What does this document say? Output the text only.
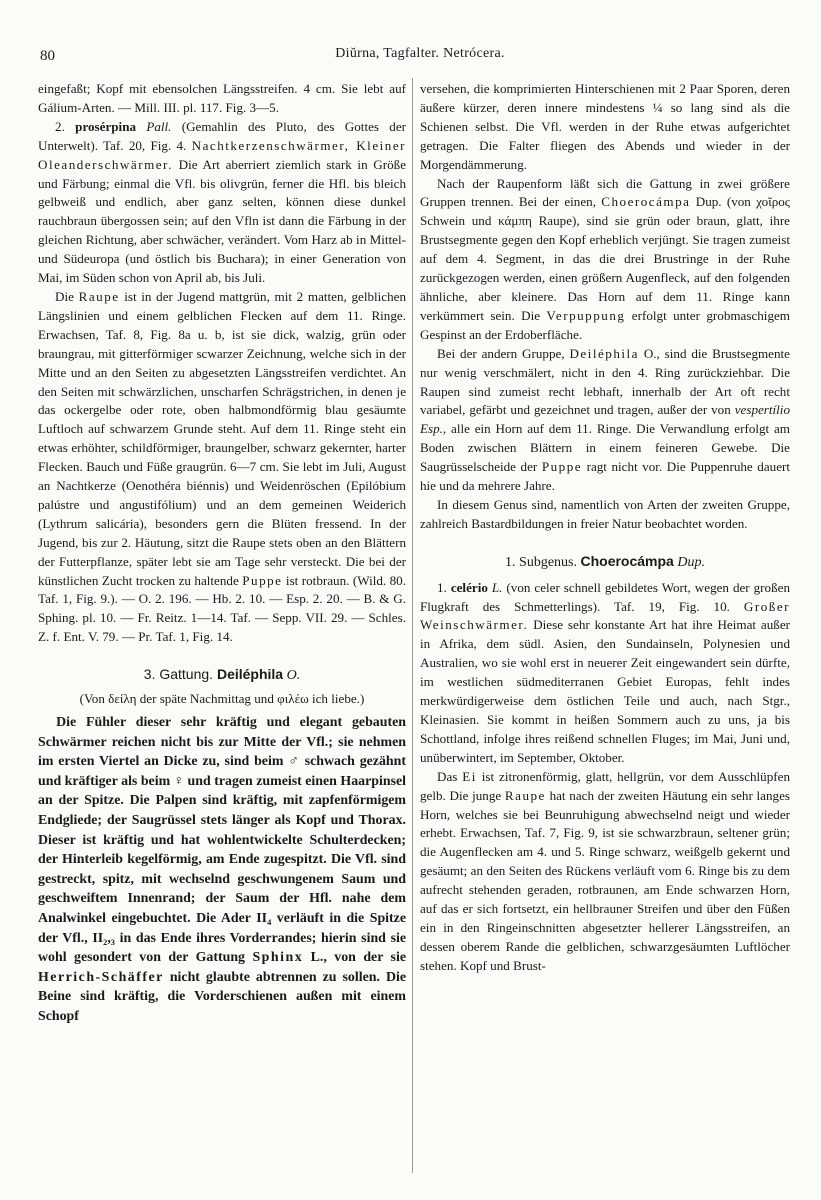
80	Diŭrna, Tagfalter. Netrócera.

eingefaßt; Kopf mit ebensolchen Längsstreifen. 4 cm. Sie lebt auf Gálium-Arten. — Mill. III. pl. 117. Fig. 3—5.

2. prosérpina Pall. (Gemahlin des Pluto, des Gottes der Unterwelt). Taf. 20, Fig. 4. Nachtkerzenschwärmer, Kleiner Oleanderschwärmer. Die Art aberriert ziemlich stark in Größe und Färbung; einmal die Vfl. bis olivgrün, ferner die Hfl. bis bleich gelbweiß und endlich, aber ganz selten, können diese dunkel rauchbraun übergossen sein; auf den Vfln ist dann die Färbung in der gleichen Richtung, aber schwächer, verändert. Vom Harz ab in Mittel- und Südeuropa (und östlich bis Buchara); in einer Generation von Mai, im Süden schon von April ab, bis Juli.

Die Raupe ist in der Jugend mattgrün, mit 2 matten, gelblichen Längslinien und einem gelblichen Flecken auf dem 11. Ringe. Erwachsen, Taf. 8, Fig. 8a u. b, ist sie dick, walzig, grün oder braungrau, mit gitterförmiger scwarzer Zeichnung, welche sich in der Mitte und an den Seiten zu abgesetzten Längsstreifen verdichtet. An den Seiten mit schwärzlichen, unscharfen Schrägstrichen, in denen je das ockergelbe oder rote, oben halbmondförmig blau gesäumte Luftloch auf schwarzem Grunde steht. Auf dem 11. Ringe steht ein etwas erhöhter, schildförmiger, braungelber, schwarz gekernter, harter Flecken. Bauch und Füße graugrün. 6—7 cm. Sie lebt im Juli, August an Nachtkerze (Oenothéra biénnis) und Weidenröschen (Epilóbium palústre und angustifólium) und an dem gemeinen Weiderich (Lythrum salicária), besonders gern die Blüten fressend. In der Jugend, bis zur 2. Häutung, sitzt die Raupe stets oben an den Blättern der Futterpflanze, später lebt sie am Tage sehr versteckt. Die bei der künstlichen Zucht trocken zu haltende Puppe ist rotbraun. (Wild. 80. Taf. 1, Fig. 9.). — O. 2. 196. — Hb. 2. 10. — Esp. 2. 20. — B. & G. Sphing. pl. 10. — Fr. Reitz. 1—14. Taf. — Sepp. VII. 29. — Schles. Z. f. Ent. V. 79. — Pr. Taf. 1, Fig. 14.

3. Gattung. Deiléphila O.

(Von δείλη der späte Nachmittag und φιλέω ich liebe.)

Die Fühler dieser sehr kräftig und elegant gebauten Schwärmer reichen nicht bis zur Mitte der Vfl.; sie nehmen im ersten Viertel an Dicke zu, sind beim ♂ schwach gezähnt und kräftiger als beim ♀ und tragen zumeist einen Haarpinsel an der Spitze. Die Palpen sind kräftig, mit zapfenförmigem Endgliede; der Saugrüssel stets länger als Kopf und Thorax. Dieser ist kräftig und hat wohlentwickelte Schulterdecken; der Hinterleib kegelförmig, am Ende zugespitzt. Die Vfl. sind gestreckt, spitz, mit wechselnd geschwungenem Saum und geschweiftem Innenrand; der Saum der Hfl. nahe dem Analwinkel eingebuchtet. Die Ader II₄ verläuft in die Spitze der Vfl., II₂,₃ in das Ende ihres Vorderrandes; hierin sind sie wohl gesondert von der Gattung Sphinx L., von der sie Herrich-Schäffer nicht glaubte abtrennen zu sollen. Die Beine sind kräftig, die Vorderschienen außen mit einem Schopf

versehen, die komprimierten Hinterschienen mit 2 Paar Sporen, deren äußere kürzer, deren innere mindestens ¼ so lang sind als die Schienen selbst. Die Vfl. werden in der Ruhe etwas aufgerichtet getragen. Die Falter fliegen des Abends und wieder in der Morgendämmerung.

Nach der Raupenform läßt sich die Gattung in zwei größere Gruppen trennen. Bei der einen, Choerocámpa Dup. (von χοῖρος Schwein und κάμπη Raupe), sind sie grün oder braun, glatt, ihre Brustsegmente gegen den Kopf erheblich verjüngt. Sie tragen zumeist auf dem 4. Segment, in das die drei Brustringe in der Ruhe zurückgezogen werden, einen größern Augenfleck, auf den folgenden ähnliche, aber kleinere. Das Horn auf dem 11. Ringe kann verkümmert sein. Die Verpuppung erfolgt unter grobmaschigem Gespinst an der Erdoberfläche.

Bei der andern Gruppe, Deiléphila O., sind die Brustsegmente nur wenig verschmälert, nicht in den 4. Ring zurückziehbar. Die Raupen sind zumeist recht lebhaft, innerhalb der Art oft recht variabel, gefärbt und gezeichnet und tragen, außer der von vespertílio Esp., alle ein Horn auf dem 11. Ringe. Die Verwandlung erfolgt am Boden zwischen Blättern in einem feineren Gewebe. Die Saugrüsselscheide der Puppe ragt nicht vor. Die Puppenruhe dauert hie und da mehrere Jahre.

In diesem Genus sind, namentlich von Arten der zweiten Gruppe, zahlreich Bastardbildungen in freier Natur beobachtet worden.

1. Subgenus. Choerocámpa Dup.

1. celério L. (von celer schnell gebildetes Wort, wegen der großen Flugkraft des Schmetterlings). Taf. 19, Fig. 10. Großer Weinschwärmer. Diese sehr konstante Art hat ihre Heimat außer in Afrika, dem südl. Asien, den Sundainseln, Polynesien und Australien, wo sie wohl erst in neuerer Zeit eingewandert sein dürfte, im westlichen südmediterranen Gebiet Europas, fehlt indes merkwürdigerweise dem östlichen Teile und auch, nach Stgr., Kleinasien. Sie kommt in heißen Sommern auch zu uns, ja bis Schottland, infolge ihres reißend schnellen Fluges; im Mai, Juni und, unüberwintert, im September, Oktober.

Das Ei ist zitronenförmig, glatt, hellgrün, vor dem Ausschlüpfen gelb. Die junge Raupe hat nach der zweiten Häutung ein sehr langes Horn, welches sie bei Beunruhigung abwechselnd neigt und wieder erhebt. Erwachsen, Taf. 7, Fig. 9, ist sie schwarzbraun, seltener grün; die Augenflecken am 4. und 5. Ringe schwarz, weißgelb gekernt und gesäumt; an den Seiten des Rückens verläuft vom 6. Ringe bis zu dem aufrecht stehenden geraden, rotbraunen, am Ende schwarzen Horn, auf das er sich fortsetzt, ein hellbrauner Streifen und über den Füßen ein in den Ringeinschnitten abgesetzter hellerer Längsstreifen, an dessen oberem Rande die gelblichen, schwarzgesäumten Luftlöcher stehen. Kopf und Brust-
